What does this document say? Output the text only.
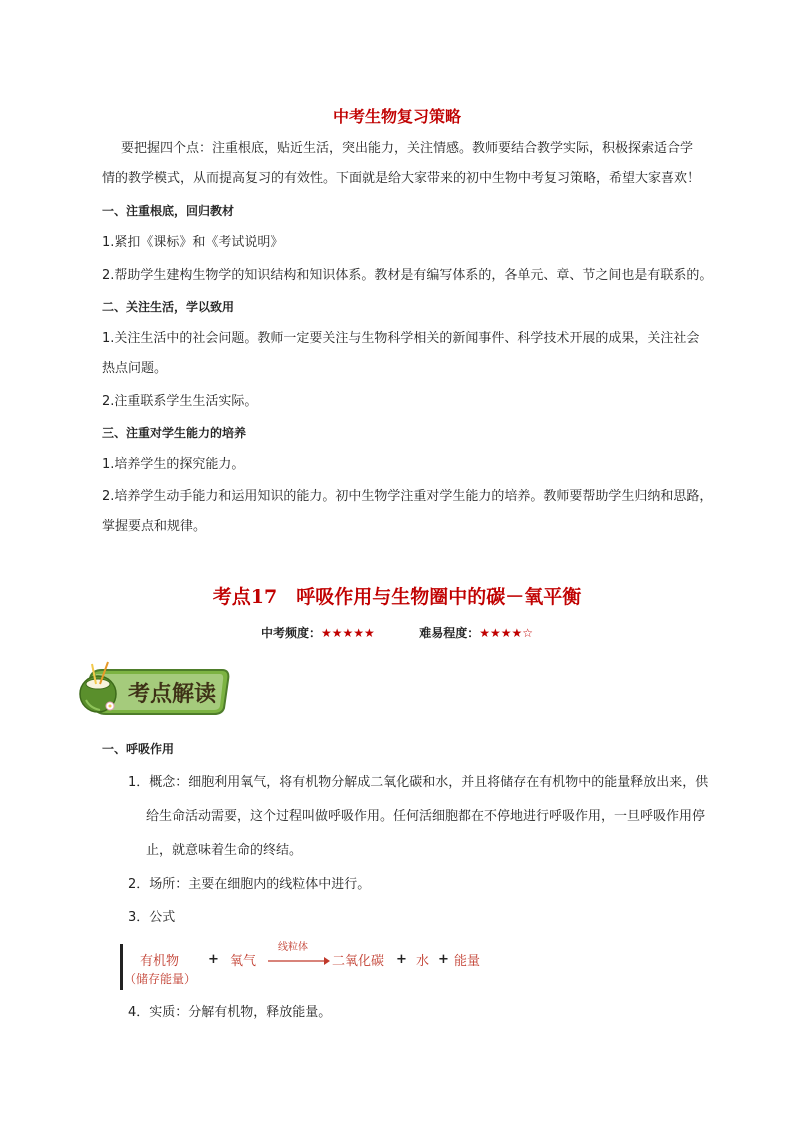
中考生物复习策略
要把握四个点：注重根底，贴近生活，突出能力，关注情感。教师要结合教学实际，积极探索适合学
情的教学模式，从而提高复习的有效性。下面就是给大家带来的初中生物中考复习策略，希望大家喜欢！
一、注重根底，回归教材
1.紧扣《课标》和《考试说明》
2.帮助学生建构生物学的知识结构和知识体系。教材是有编写体系的，各单元、章、节之间也是有联系的。
二、关注生活，学以致用
1.关注生活中的社会问题。教师一定要关注与生物科学相关的新闻事件、科学技术开展的成果，关注社会
热点问题。
2.注重联系学生生活实际。
三、注重对学生能力的培养
1.培养学生的探究能力。
2.培养学生动手能力和运用知识的能力。初中生物学注重对学生能力的培养。教师要帮助学生归纳和思路，
掌握要点和规律。
考点17　呼吸作用与生物圈中的碳－氧平衡
中考频度：★★★★★	难易程度：★★★★☆
考点解读
一、呼吸作用
1．概念：细胞利用氧气，将有机物分解成二氧化碳和水，并且将储存在有机物中的能量释放出来，供
给生命活动需要，这个过程叫做呼吸作用。任何活细胞都在不停地进行呼吸作用，一旦呼吸作用停
止，就意味着生命的终结。
2．场所：主要在细胞内的线粒体中进行。
3．公式
有机物
（储存能量）
+ 氧气
线粒体
二氧化碳 + 水 + 能量
4．实质：分解有机物，释放能量。
